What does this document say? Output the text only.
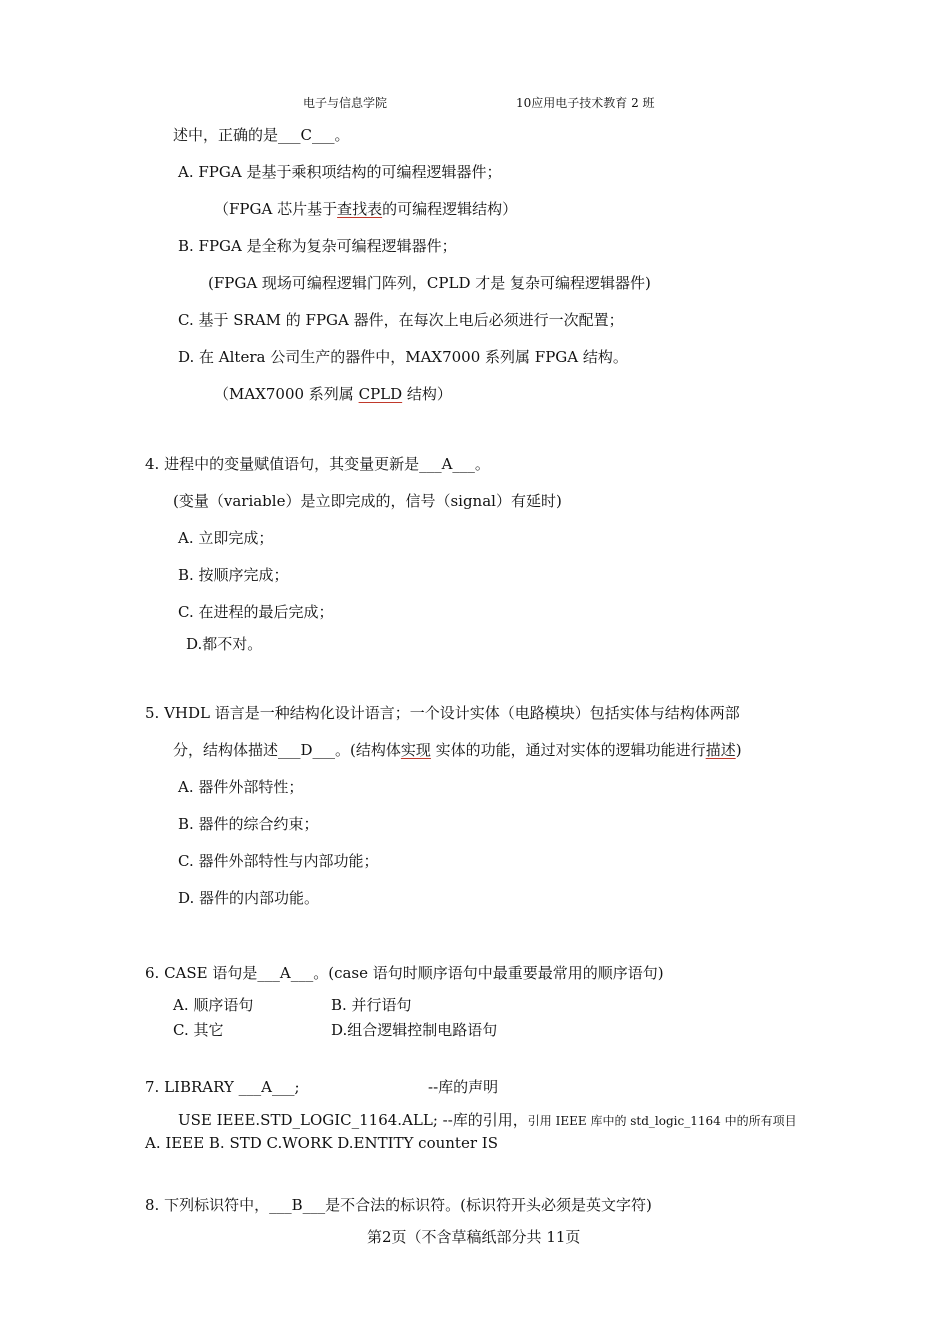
电子与信息学院	10应用电子技术教育 2 班
述中，正确的是___C___。
A. FPGA 是基于乘积项结构的可编程逻辑器件；
（FPGA 芯片基于查找表的可编程逻辑结构）
B. FPGA 是全称为复杂可编程逻辑器件；
(FPGA 现场可编程逻辑门阵列，CPLD 才是 复杂可编程逻辑器件)
C. 基于 SRAM 的 FPGA 器件，在每次上电后必须进行一次配置；
D. 在 Altera 公司生产的器件中，MAX7000 系列属 FPGA 结构。
（MAX7000 系列属 CPLD 结构）
4. 进程中的变量赋值语句，其变量更新是___A___。
(变量（variable）是立即完成的，信号（signal）有延时)
A. 立即完成；
B. 按顺序完成；
C. 在进程的最后完成；
D.都不对。
5. VHDL 语言是一种结构化设计语言；一个设计实体（电路模块）包括实体与结构体两部
分，结构体描述___D___。(结构体实现 实体的功能，通过对实体的逻辑功能进行描述)
A. 器件外部特性；
B. 器件的综合约束；
C. 器件外部特性与内部功能；
D. 器件的内部功能。
6. CASE 语句是___A___。(case 语句时顺序语句中最重要最常用的顺序语句)
A. 顺序语句	B. 并行语句
C. 其它	D.组合逻辑控制电路语句
7. LIBRARY ___A___;	--库的声明
USE IEEE.STD_LOGIC_1164.ALL; --库的引用，引用 IEEE 库中的 std_logic_1164 中的所有项目
A. IEEE B. STD C.WORK D.ENTITY counter IS
8. 下列标识符中，___B___是不合法的标识符。(标识符开头必须是英文字符)
第2页（不含草稿纸部分共 11页
